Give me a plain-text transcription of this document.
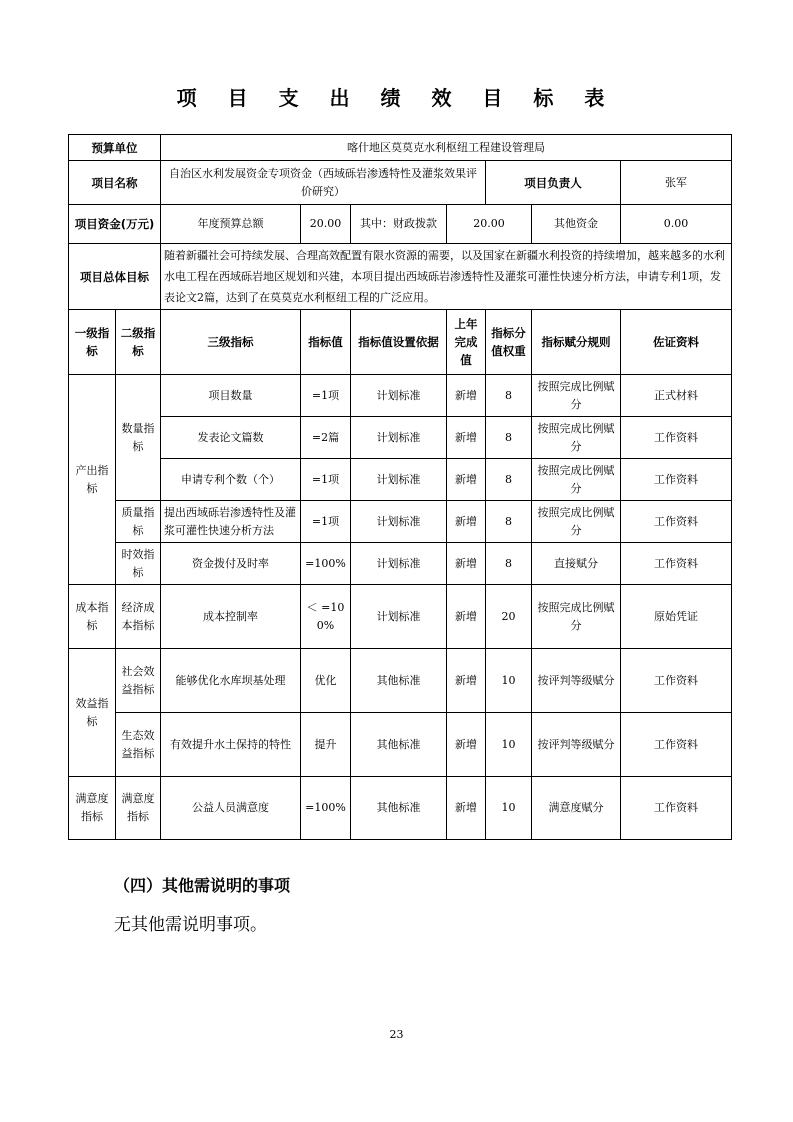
项 目 支 出 绩 效 目 标 表
预算单位		喀什地区莫莫克水利枢纽工程建设管理局						
项目名称		自治区水利发展资金专项资金（西域砾岩渗透特性及灌浆效果评价研究）				项目负责人		张军
项目资金(万元)		年度预算总额	20.00	其中：财政拨款	20.00		其他资金	0.00
项目总体目标		随着新疆社会可持续发展、合理高效配置有限水资源的需要，以及国家在新疆水利投资的持续增加，越来越多的水利水电工程在西域砾岩地区规划和兴建，本项目提出西域砾岩渗透特性及灌浆可灌性快速分析方法，申请专利1项，发表论文2篇，达到了在莫莫克水利枢纽工程的广泛应用。						
一级指标	二级指标	三级指标	指标值	指标值设置依据	上年完成值	指标分值权重	指标赋分规则	佐证资料
产出指标	数量指标	项目数量	=1项	计划标准	新增	8	按照完成比例赋分	正式材料
		发表论文篇数	=2篇	计划标准	新增	8	按照完成比例赋分	工作资料
		申请专利个数（个）	=1项	计划标准	新增	8	按照完成比例赋分	工作资料
	质量指标	提出西域砾岩渗透特性及灌浆可灌性快速分析方法	=1项	计划标准	新增	8	按照完成比例赋分	工作资料
	时效指标	资金拨付及时率	=100%	计划标准	新增	8	直接赋分	工作资料
成本指标	经济成本指标	成本控制率	＜ =100%	计划标准	新增	20	按照完成比例赋分	原始凭证
效益指标	社会效益指标	能够优化水库坝基处理	优化	其他标准	新增	10	按评判等级赋分	工作资料
	生态效益指标	有效提升水土保持的特性	提升	其他标准	新增	10	按评判等级赋分	工作资料
满意度指标	满意度指标	公益人员满意度	=100%	其他标准	新增	10	满意度赋分	工作资料
（四）其他需说明的事项
无其他需说明事项。
23
